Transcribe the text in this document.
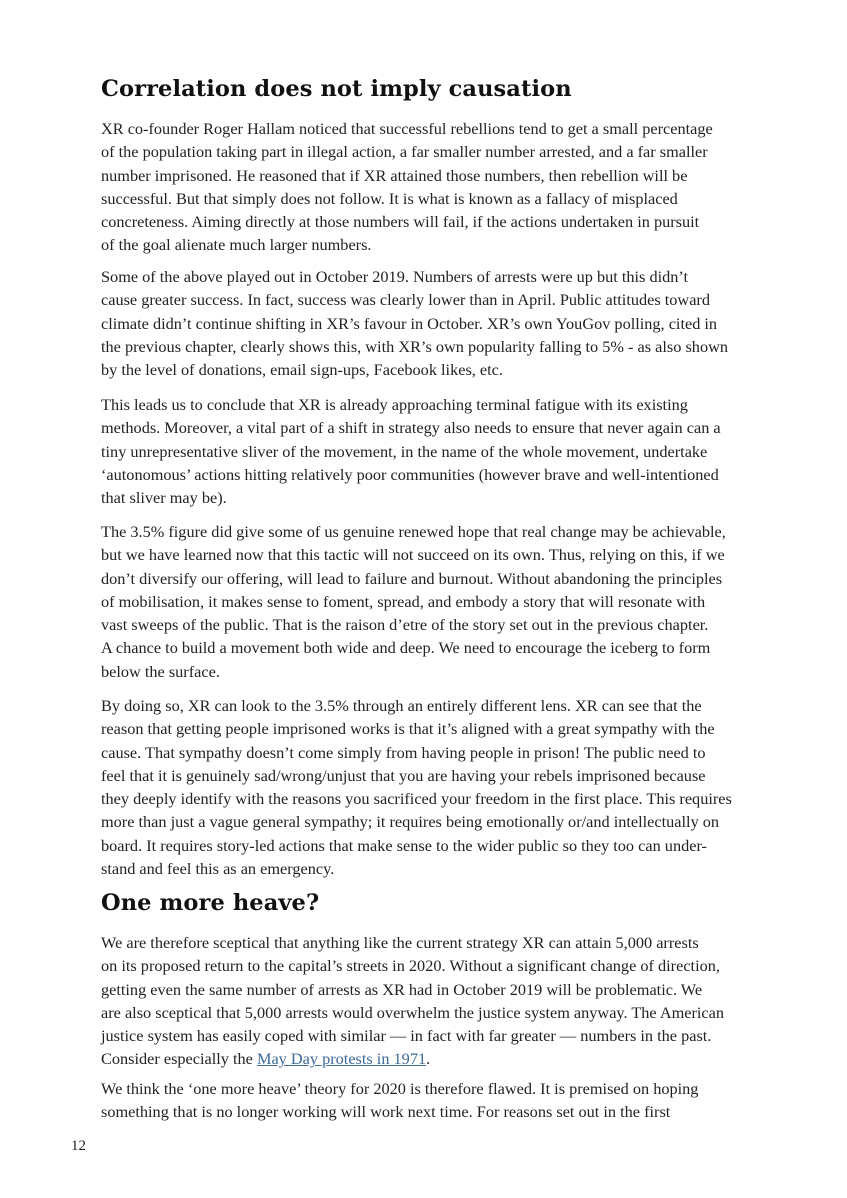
Correlation does not imply causation

XR co-founder Roger Hallam noticed that successful rebellions tend to get a small percentage
of the population taking part in illegal action, a far smaller number arrested, and a far smaller
number imprisoned. He reasoned that if XR attained those numbers, then rebellion will be
successful. But that simply does not follow. It is what is known as a fallacy of misplaced
concreteness. Aiming directly at those numbers will fail, if the actions undertaken in pursuit
of the goal alienate much larger numbers.

Some of the above played out in October 2019. Numbers of arrests were up but this didn’t
cause greater success. In fact, success was clearly lower than in April. Public attitudes toward
climate didn’t continue shifting in XR’s favour in October. XR’s own YouGov polling, cited in
the previous chapter, clearly shows this, with XR’s own popularity falling to 5% - as also shown
by the level of donations, email sign-ups, Facebook likes, etc.

This leads us to conclude that XR is already approaching terminal fatigue with its existing
methods. Moreover, a vital part of a shift in strategy also needs to ensure that never again can a
tiny unrepresentative sliver of the movement, in the name of the whole movement, undertake
‘autonomous’ actions hitting relatively poor communities (however brave and well-intentioned
that sliver may be).

The 3.5% figure did give some of us genuine renewed hope that real change may be achievable,
but we have learned now that this tactic will not succeed on its own. Thus, relying on this, if we
don’t diversify our offering, will lead to failure and burnout. Without abandoning the principles
of mobilisation, it makes sense to foment, spread, and embody a story that will resonate with
vast sweeps of the public. That is the raison d’etre of the story set out in the previous chapter.
A chance to build a movement both wide and deep. We need to encourage the iceberg to form
below the surface.

By doing so, XR can look to the 3.5% through an entirely different lens. XR can see that the
reason that getting people imprisoned works is that it’s aligned with a great sympathy with the
cause. That sympathy doesn’t come simply from having people in prison! The public need to
feel that it is genuinely sad/wrong/unjust that you are having your rebels imprisoned because
they deeply identify with the reasons you sacrificed your freedom in the first place. This requires
more than just a vague general sympathy; it requires being emotionally or/and intellectually on
board. It requires story-led actions that make sense to the wider public so they too can under-
stand and feel this as an emergency.

One more heave?

We are therefore sceptical that anything like the current strategy XR can attain 5,000 arrests
on its proposed return to the capital’s streets in 2020. Without a significant change of direction,
getting even the same number of arrests as XR had in October 2019 will be problematic. We
are also sceptical that 5,000 arrests would overwhelm the justice system anyway. The American
justice system has easily coped with similar — in fact with far greater — numbers in the past.
Consider especially the May Day protests in 1971.

We think the ‘one more heave’ theory for 2020 is therefore flawed. It is premised on hoping
something that is no longer working will work next time. For reasons set out in the first

12
